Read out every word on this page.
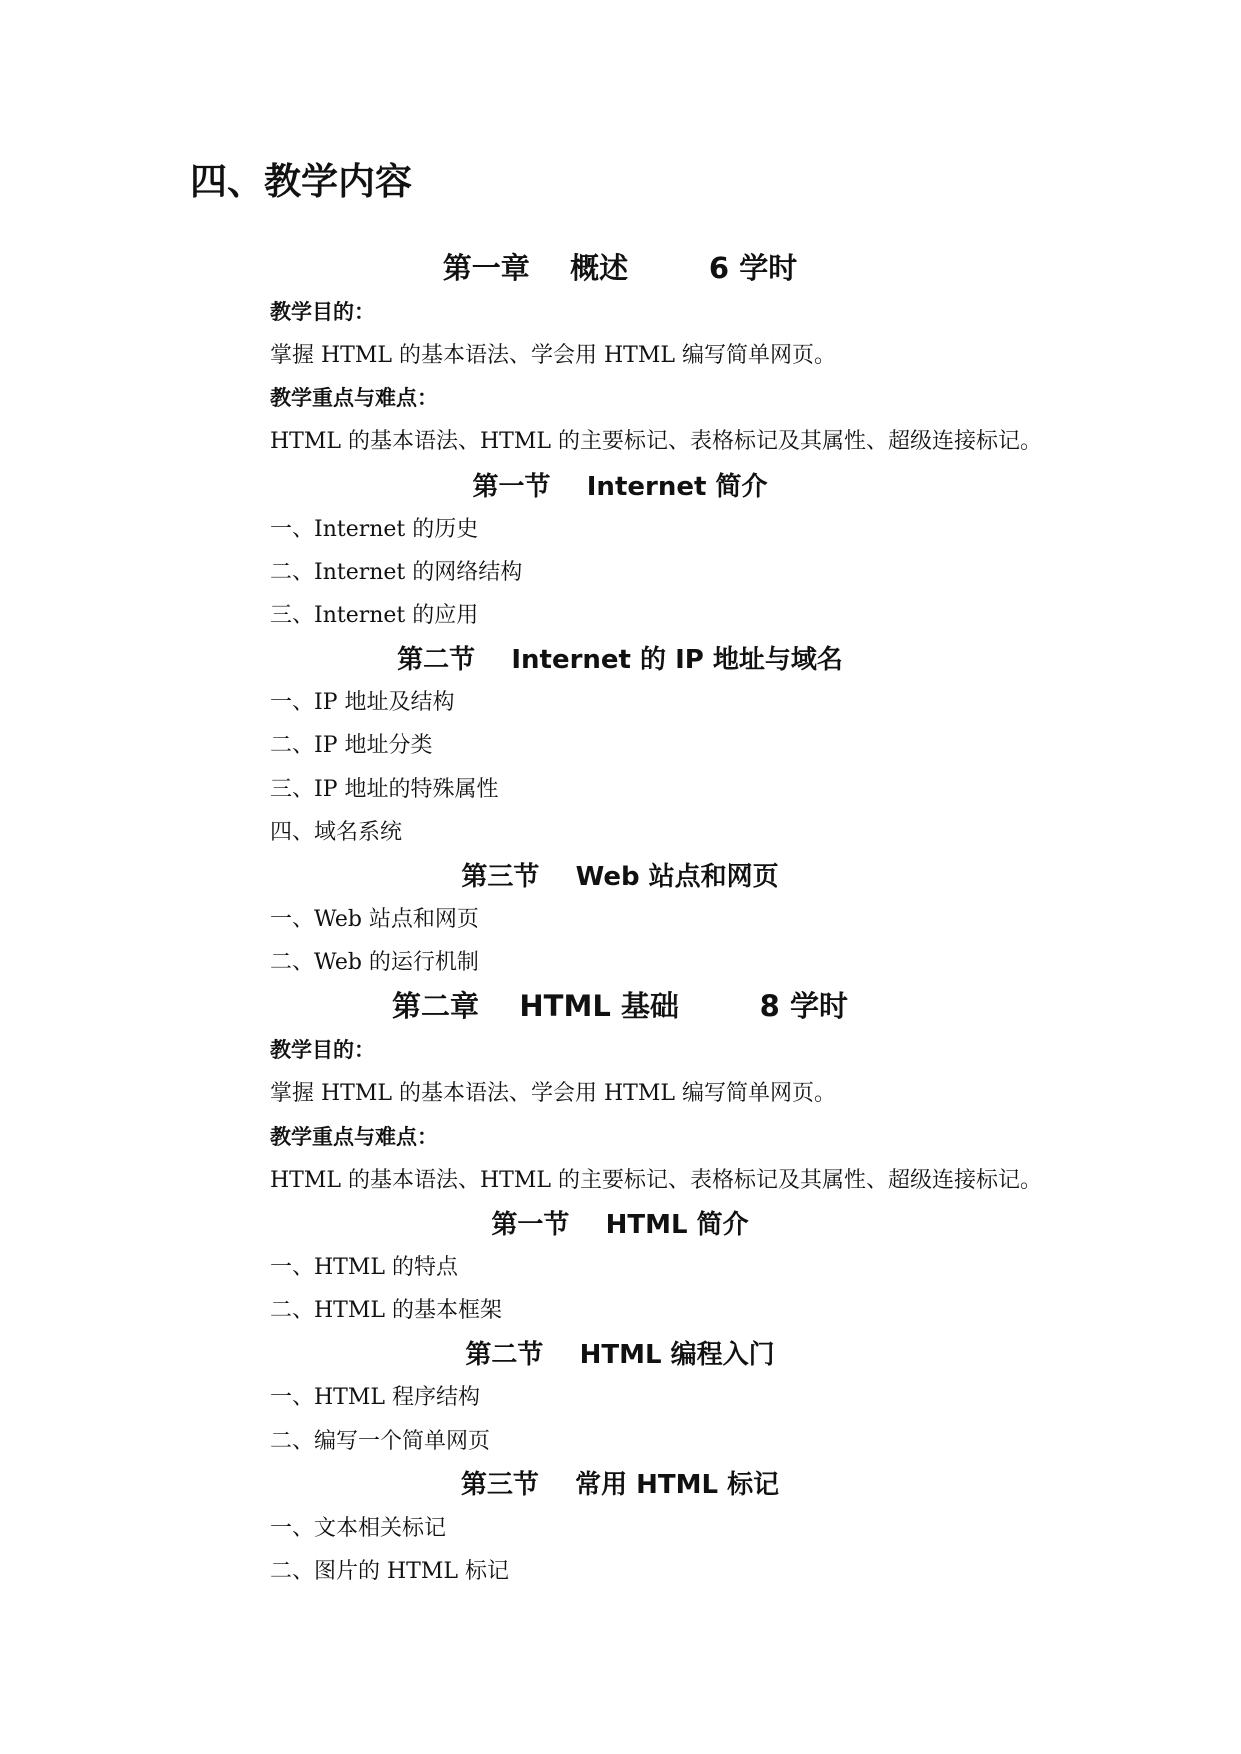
四、教学内容
第一章    概述        6 学时
教学目的：
掌握 HTML 的基本语法、学会用 HTML 编写简单网页。
教学重点与难点：
HTML 的基本语法、HTML 的主要标记、表格标记及其属性、超级连接标记。
第一节    Internet 简介
一、Internet 的历史
二、Internet 的网络结构
三、Internet 的应用
第二节    Internet 的 IP 地址与域名
一、IP 地址及结构
二、IP 地址分类
三、IP 地址的特殊属性
四、域名系统
第三节    Web 站点和网页
一、Web 站点和网页
二、Web 的运行机制
第二章    HTML 基础        8 学时
教学目的：
掌握 HTML 的基本语法、学会用 HTML 编写简单网页。
教学重点与难点：
HTML 的基本语法、HTML 的主要标记、表格标记及其属性、超级连接标记。
第一节    HTML 简介
一、HTML 的特点
二、HTML 的基本框架
第二节    HTML 编程入门
一、HTML 程序结构
二、编写一个简单网页
第三节    常用 HTML 标记
一、文本相关标记
二、图片的 HTML 标记
